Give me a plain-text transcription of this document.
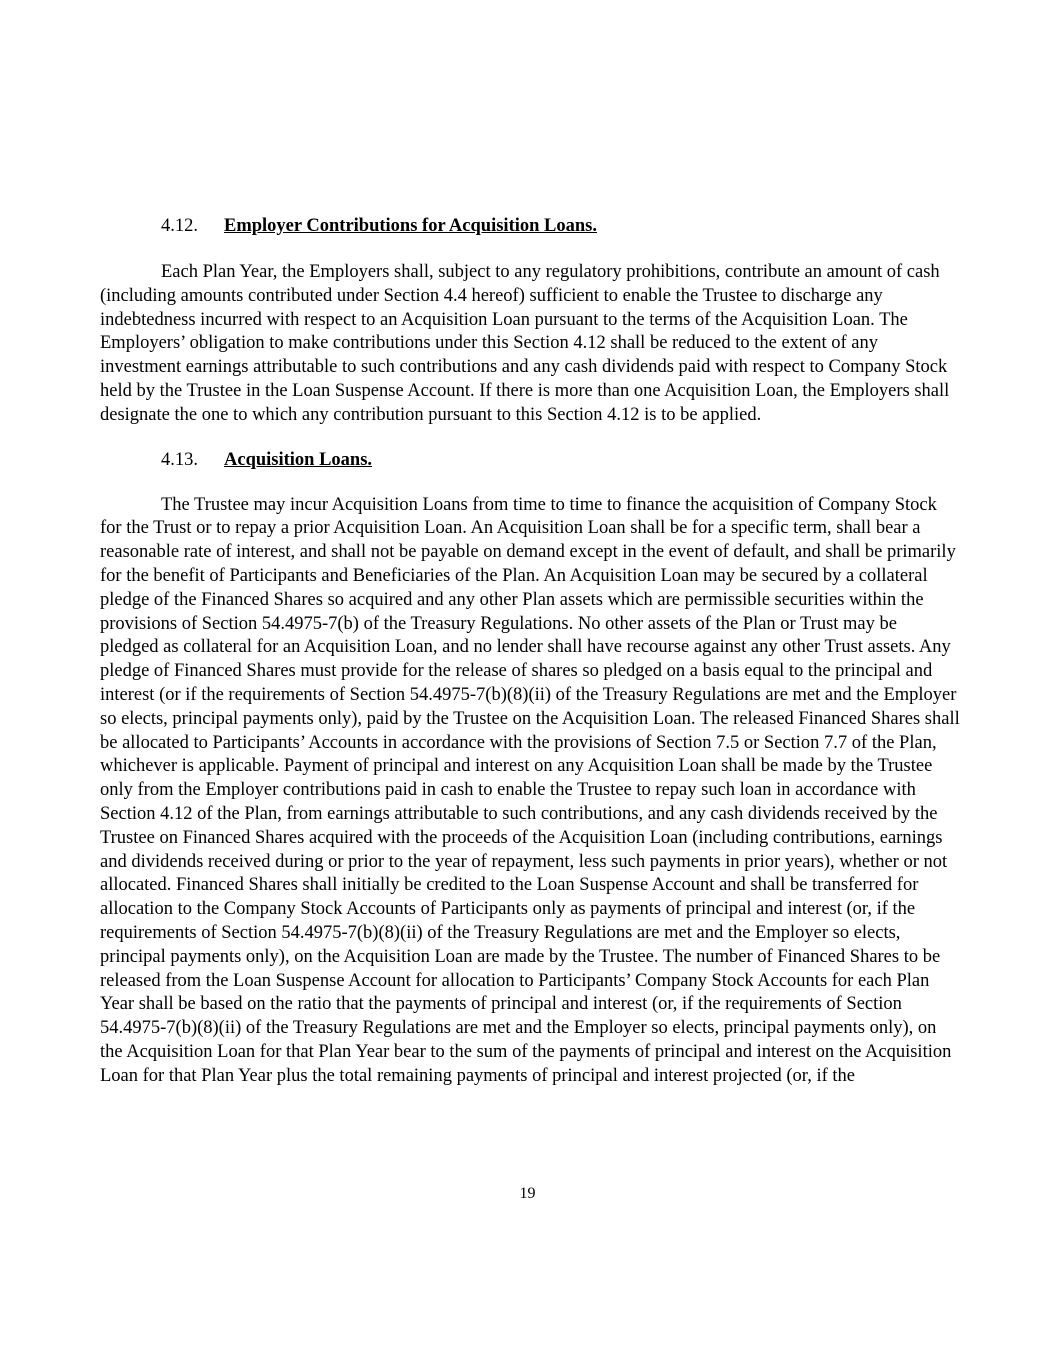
4.12. Employer Contributions for Acquisition Loans.

Each Plan Year, the Employers shall, subject to any regulatory prohibitions, contribute an amount of cash (including amounts contributed under Section 4.4 hereof) sufficient to enable the Trustee to discharge any indebtedness incurred with respect to an Acquisition Loan pursuant to the terms of the Acquisition Loan. The Employers’ obligation to make contributions under this Section 4.12 shall be reduced to the extent of any investment earnings attributable to such contributions and any cash dividends paid with respect to Company Stock held by the Trustee in the Loan Suspense Account. If there is more than one Acquisition Loan, the Employers shall designate the one to which any contribution pursuant to this Section 4.12 is to be applied.

4.13. Acquisition Loans.

The Trustee may incur Acquisition Loans from time to time to finance the acquisition of Company Stock for the Trust or to repay a prior Acquisition Loan. An Acquisition Loan shall be for a specific term, shall bear a reasonable rate of interest, and shall not be payable on demand except in the event of default, and shall be primarily for the benefit of Participants and Beneficiaries of the Plan. An Acquisition Loan may be secured by a collateral pledge of the Financed Shares so acquired and any other Plan assets which are permissible securities within the provisions of Section 54.4975-7(b) of the Treasury Regulations. No other assets of the Plan or Trust may be pledged as collateral for an Acquisition Loan, and no lender shall have recourse against any other Trust assets. Any pledge of Financed Shares must provide for the release of shares so pledged on a basis equal to the principal and interest (or if the requirements of Section 54.4975-7(b)(8)(ii) of the Treasury Regulations are met and the Employer so elects, principal payments only), paid by the Trustee on the Acquisition Loan. The released Financed Shares shall be allocated to Participants’ Accounts in accordance with the provisions of Section 7.5 or Section 7.7 of the Plan, whichever is applicable. Payment of principal and interest on any Acquisition Loan shall be made by the Trustee only from the Employer contributions paid in cash to enable the Trustee to repay such loan in accordance with Section 4.12 of the Plan, from earnings attributable to such contributions, and any cash dividends received by the Trustee on Financed Shares acquired with the proceeds of the Acquisition Loan (including contributions, earnings and dividends received during or prior to the year of repayment, less such payments in prior years), whether or not allocated. Financed Shares shall initially be credited to the Loan Suspense Account and shall be transferred for allocation to the Company Stock Accounts of Participants only as payments of principal and interest (or, if the requirements of Section 54.4975-7(b)(8)(ii) of the Treasury Regulations are met and the Employer so elects, principal payments only), on the Acquisition Loan are made by the Trustee. The number of Financed Shares to be released from the Loan Suspense Account for allocation to Participants’ Company Stock Accounts for each Plan Year shall be based on the ratio that the payments of principal and interest (or, if the requirements of Section 54.4975-7(b)(8)(ii) of the Treasury Regulations are met and the Employer so elects, principal payments only), on the Acquisition Loan for that Plan Year bear to the sum of the payments of principal and interest on the Acquisition Loan for that Plan Year plus the total remaining payments of principal and interest projected (or, if the

19
